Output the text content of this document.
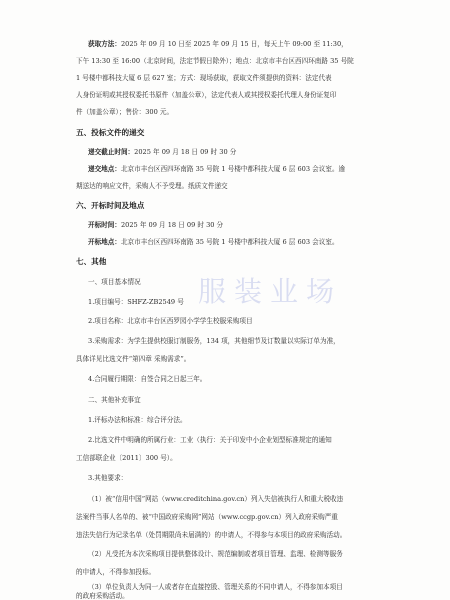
获取方法：2025 年 09 月 10 日至 2025 年 09 月 15 日，每天上午 09:00 至 11:30，
下午 13:30 至 16:00（北京时间，法定节假日除外）；地点：北京市丰台区西四环南路 35 号院
1 号楼中都科技大厦 6 层 627 室；方式：现场获取，获取文件须提供的资料：法定代表
人身份证明或其授权委托书原件（加盖公章），法定代表人或其授权委托代理人身份证复印
件（加盖公章）；售价：300 元。
五、投标文件的递交
递交截止时间：2025 年 09 月 18 日 09 时 30 分
递交地点：北京市丰台区西四环南路 35 号院 1 号楼中都科技大厦 6 层 603 会议室。逾
期送达的响应文件，采购人不予受理。纸质文件递交
六、开标时间及地点
开标时间：2025 年 09 月 18 日 09 时 30 分
开标地点：北京市丰台区西四环南路 35 号院 1 号楼中都科技大厦 6 层 603 会议室。
七、其他
一、项目基本情况
1.项目编号：SHFZ-ZB2549 号
2.项目名称：北京市丰台区西罗园小学学生校服采购项目
3.采购需求：为学生提供校服订制服务，134 项，其他细节及订数量以实际订单为准，
具体详见比选文件“第四章 采购需求”。
4.合同履行期限：自签合同之日起三年。
二、其他补充事宜
1.评标办法和标准：综合评分法。
2.比选文件中明确的所属行业：工业（执行：关于印发中小企业划型标准规定的通知
工信部联企业〔2011〕300 号）。
3.其他要求：
（1）被“信用中国”网站（www.creditchina.gov.cn）列入失信被执行人和重大税收违
法案件当事人名单的、被“中国政府采购网”网站（www.ccgp.gov.cn）列入政府采购严重
违法失信行为记录名单（处罚期限尚未届满的）的申请人，不得参与本项目的政府采购活动。
（2）凡受托为本次采购项目提供整体设计、规范编制或者项目管理、监理、检测等服务
的申请人，不得参加投标。
（3）单位负责人为同一人或者存在直接控股、管理关系的不同申请人，不得参加本项目
的政府采购活动。
服装业场
